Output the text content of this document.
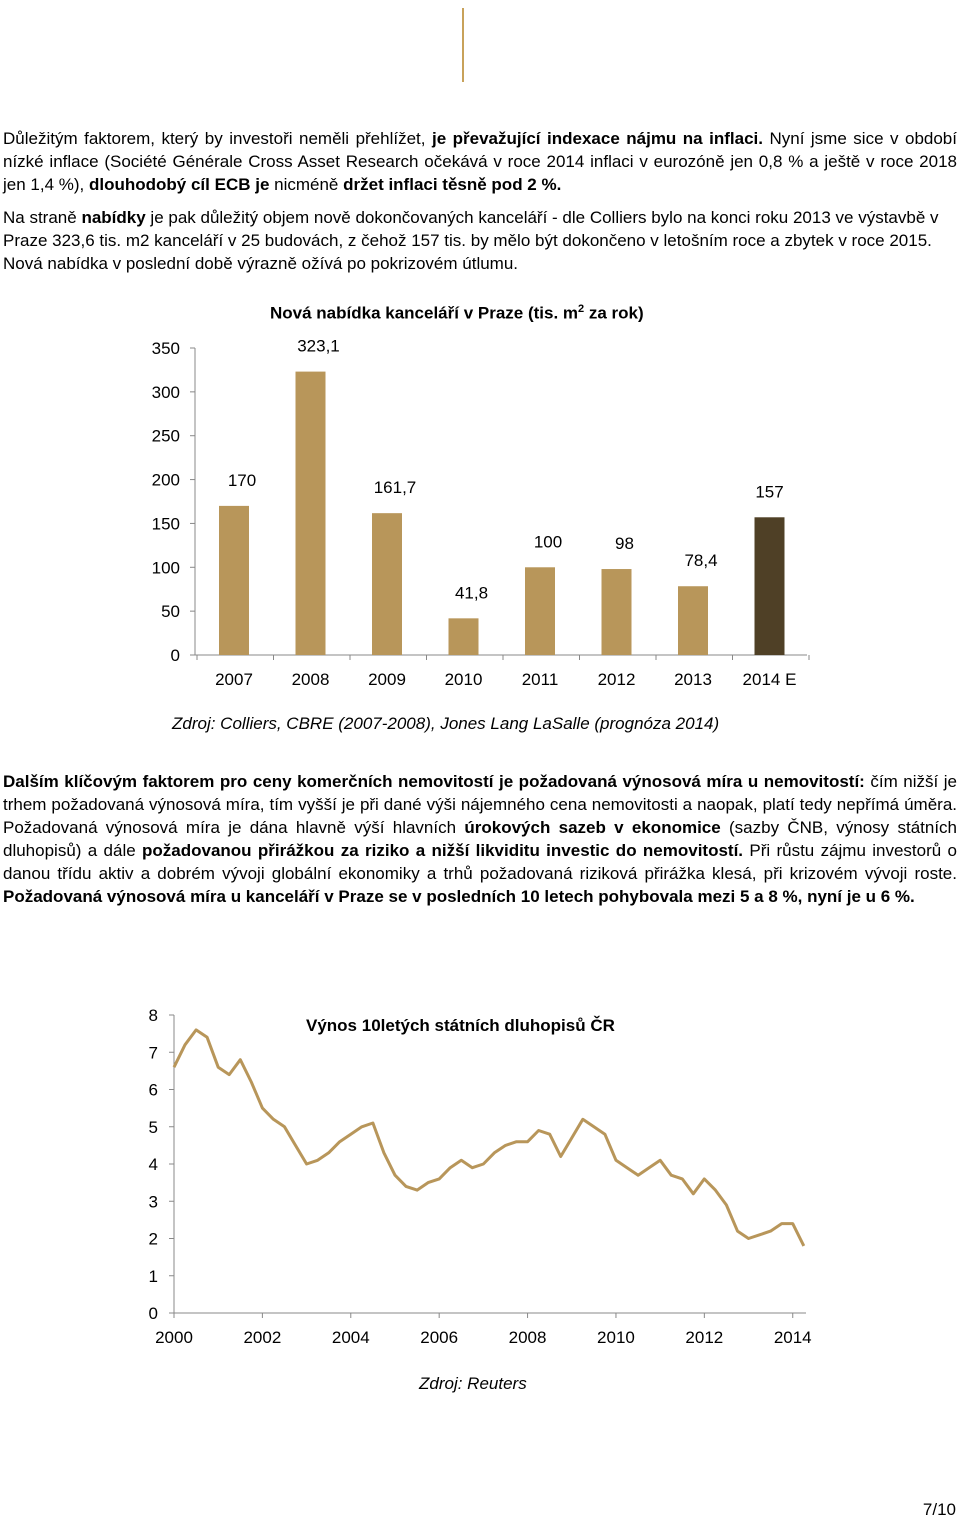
Důležitým faktorem, který by investoři neměli přehlížet, je převažující indexace nájmu na inflaci. Nyní jsme sice v období nízké inflace (Société Générale Cross Asset Research očekává v roce 2014 inflaci v eurozóně jen 0,8 % a ještě v roce 2018 jen 1,4 %), dlouhodobý cíl ECB je nicméně držet inflaci těsně pod 2 %.
Na straně nabídky je pak důležitý objem nově dokončovaných kanceláří - dle Colliers bylo na konci roku 2013 ve výstavbě v Praze 323,6 tis. m2 kanceláří v 25 budovách, z čehož 157 tis. by mělo být dokončeno v letošním roce a zbytek v roce 2015. Nová nabídka v poslední době výrazně ožívá po pokrizovém útlumu.
Nová nabídka kanceláří v Praze (tis. $m^2$ za rok)
0
50
100
150
200
250
300
350
170
2007
323,1
2008
161,7
2009
41,8
2010
100
2011
98
2012
78,4
2013
157
2014 E
Zdroj: Colliers, CBRE (2007-2008), Jones Lang LaSalle (prognóza 2014)
Dalším klíčovým faktorem pro ceny komerčních nemovitostí je požadovaná výnosová míra u nemovitostí: čím nižší je trhem požadovaná výnosová míra, tím vyšší je při dané výši nájemného cena nemovitosti a naopak, platí tedy nepřímá úměra. Požadovaná výnosová míra je dána hlavně výší hlavních úrokových sazeb v ekonomice (sazby ČNB, výnosy státních dluhopisů) a dále požadovanou přirážkou za riziko a nižší likviditu investic do nemovitostí. Při růstu zájmu investorů o danou třídu aktiv a dobrém vývoji globální ekonomiky a trhů požadovaná riziková přirážka klesá, při krizovém vývoji roste. Požadovaná výnosová míra u kanceláří v Praze se v posledních 10 letech pohybovala mezi 5 a 8 %, nyní je u 6 %.
Výnos 10letých státních dluhopisů ČR
0
1
2
3
4
5
6
7
8
2000	2002	2004	2006	2008	2010	2012	2014
Zdroj: Reuters
7/10
